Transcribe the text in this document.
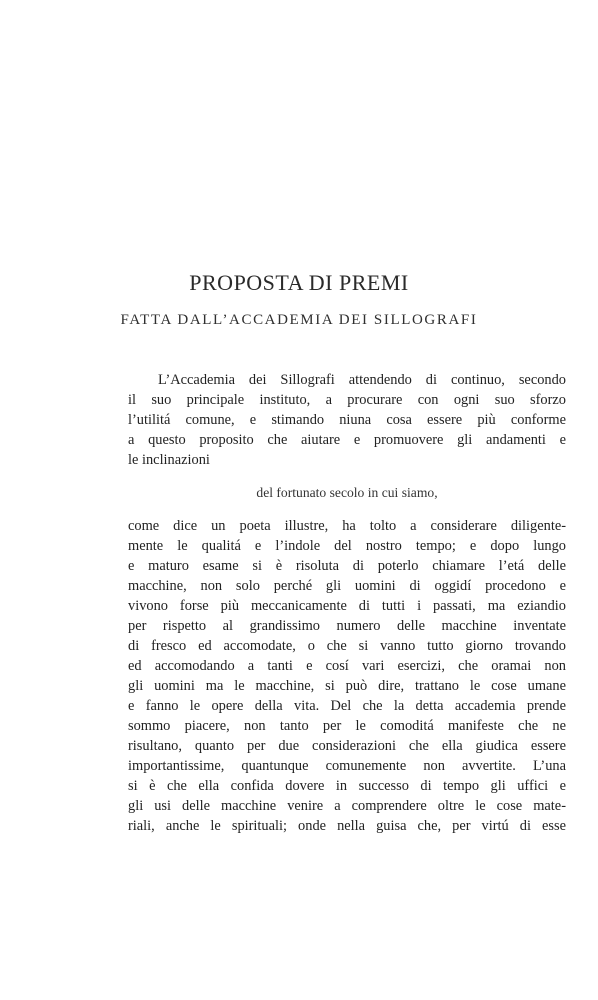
PROPOSTA DI PREMI
FATTA DALL’ACCADEMIA DEI SILLOGRAFI
L’Accademia dei Sillografi attendendo di continuo, secondo
il suo principale instituto, a procurare con ogni suo sforzo
l’utilitá comune, e stimando niuna cosa essere più conforme
a questo proposito che aiutare e promuovere gli andamenti e
le inclinazioni
del fortunato secolo in cui siamo,
come dice un poeta illustre, ha tolto a considerare diligente-
mente le qualitá e l’indole del nostro tempo; e dopo lungo
e maturo esame si è risoluta di poterlo chiamare l’etá delle
macchine, non solo perché gli uomini di oggidí procedono e
vivono forse più meccanicamente di tutti i passati, ma eziandio
per rispetto al grandissimo numero delle macchine inventate
di fresco ed accomodate, o che si vanno tutto giorno trovando
ed accomodando a tanti e cosí vari esercizi, che oramai non
gli uomini ma le macchine, si può dire, trattano le cose umane
e fanno le opere della vita. Del che la detta accademia prende
sommo piacere, non tanto per le comoditá manifeste che ne
risultano, quanto per due considerazioni che ella giudica essere
importantissime, quantunque comunemente non avvertite. L’una
si è che ella confida dovere in successo di tempo gli uffici e
gli usi delle macchine venire a comprendere oltre le cose mate-
riali, anche le spirituali; onde nella guisa che, per virtú di esse
